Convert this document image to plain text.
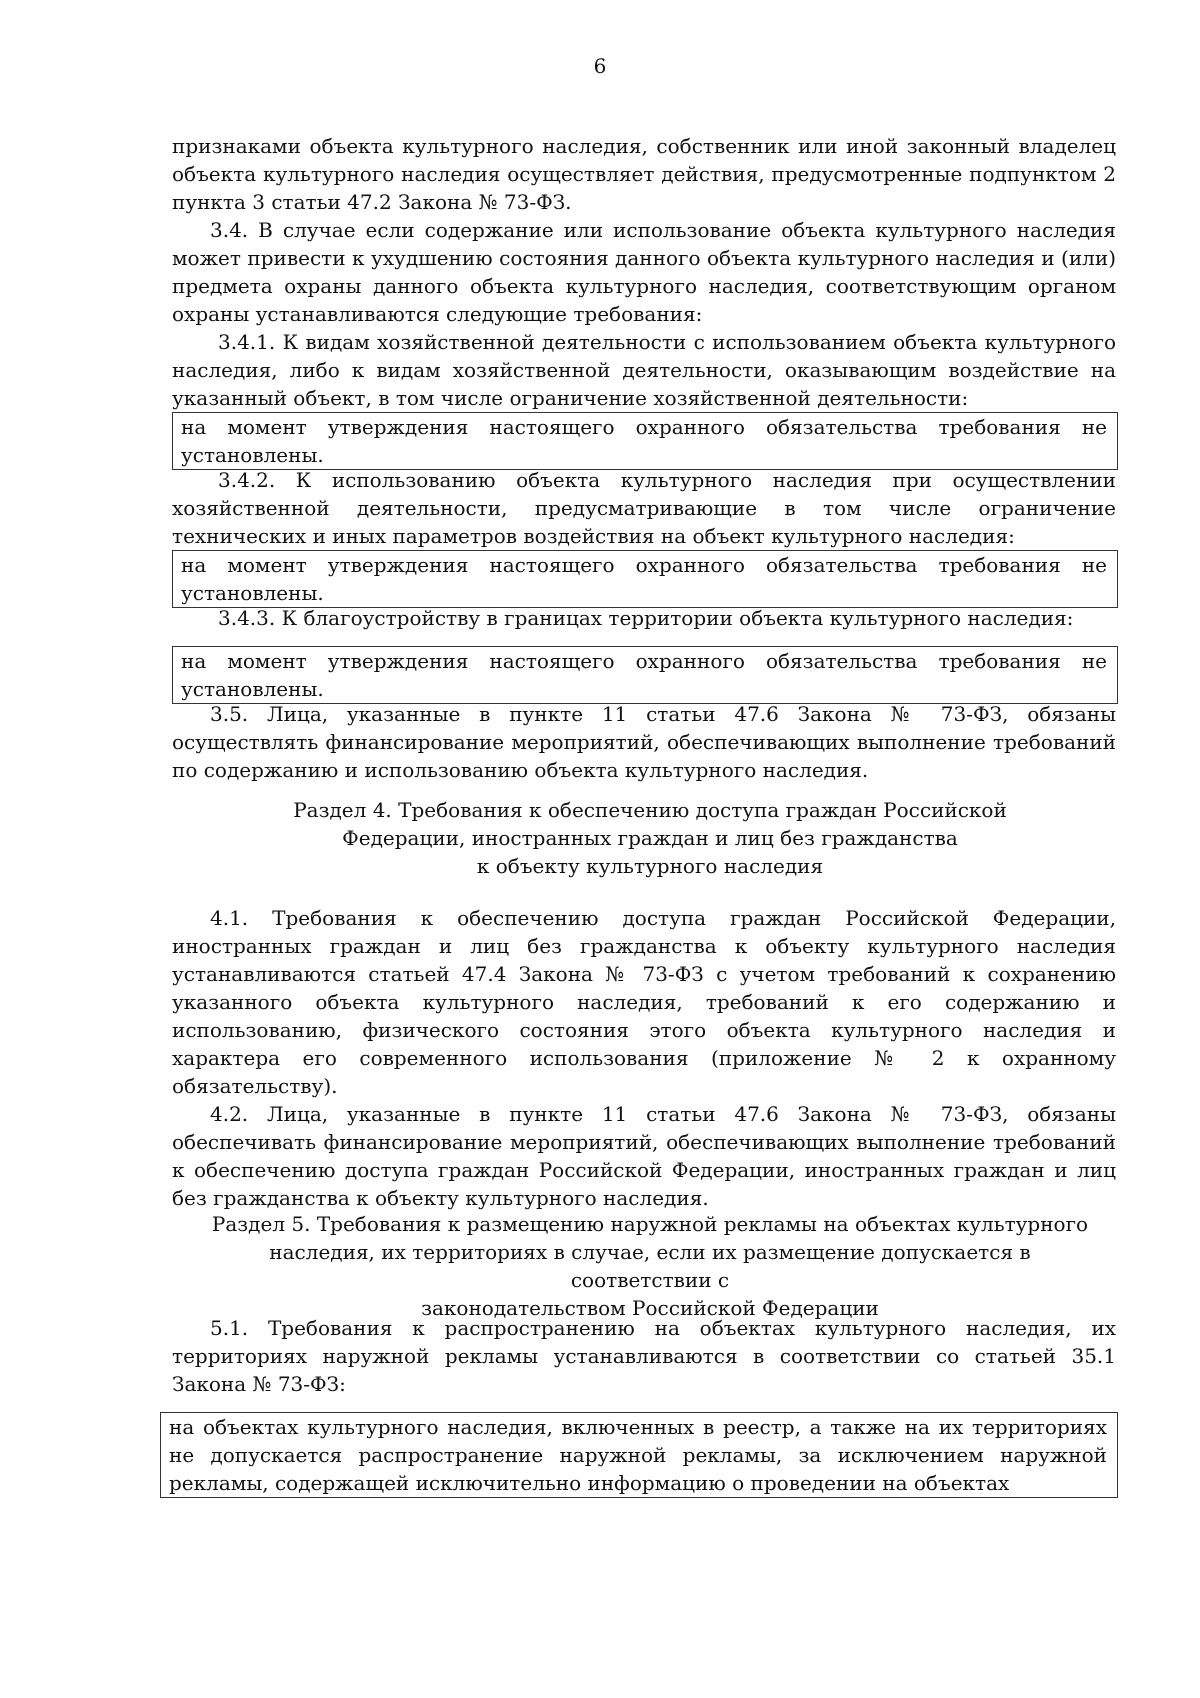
6
признаками объекта культурного наследия, собственник или иной законный владелец объекта культурного наследия осуществляет действия, предусмотренные подпунктом 2 пункта 3 статьи 47.2 Закона № 73-ФЗ.
3.4. В случае если содержание или использование объекта культурного наследия может привести к ухудшению состояния данного объекта культурного наследия и (или) предмета охраны данного объекта культурного наследия, соответствующим органом охраны устанавливаются следующие требования:
3.4.1. К видам хозяйственной деятельности с использованием объекта культурного наследия, либо к видам хозяйственной деятельности, оказывающим воздействие на указанный объект, в том числе ограничение хозяйственной деятельности:
на момент утверждения настоящего охранного обязательства требования не установлены.
3.4.2. К использованию объекта культурного наследия при осуществлении хозяйственной деятельности, предусматривающие в том числе ограничение технических и иных параметров воздействия на объект культурного наследия:
на момент утверждения настоящего охранного обязательства требования не установлены.
3.4.3. К благоустройству в границах территории объекта культурного наследия:
на момент утверждения настоящего охранного обязательства требования не установлены.
3.5. Лица, указанные в пункте 11 статьи 47.6 Закона № 73-ФЗ, обязаны осуществлять финансирование мероприятий, обеспечивающих выполнение требований по содержанию и использованию объекта культурного наследия.
Раздел 4. Требования к обеспечению доступа граждан Российской
Федерации, иностранных граждан и лиц без гражданства
к объекту культурного наследия
4.1. Требования к обеспечению доступа граждан Российской Федерации, иностранных граждан и лиц без гражданства к объекту культурного наследия устанавливаются статьей 47.4 Закона № 73-ФЗ с учетом требований к сохранению указанного объекта культурного наследия, требований к его содержанию и использованию, физического состояния этого объекта культурного наследия и характера его современного использования (приложение № 2 к охранному обязательству).
4.2. Лица, указанные в пункте 11 статьи 47.6 Закона № 73-ФЗ, обязаны обеспечивать финансирование мероприятий, обеспечивающих выполнение требований к обеспечению доступа граждан Российской Федерации, иностранных граждан и лиц без гражданства к объекту культурного наследия.
Раздел 5. Требования к размещению наружной рекламы на объектах культурного
наследия, их территориях в случае, если их размещение допускается в соответствии с
законодательством Российской Федерации
5.1. Требования к распространению на объектах культурного наследия, их территориях наружной рекламы устанавливаются в соответствии со статьей 35.1 Закона № 73-ФЗ:
на объектах культурного наследия, включенных в реестр, а также на их территориях не допускается распространение наружной рекламы, за исключением наружной рекламы, содержащей исключительно информацию о проведении на объектах
